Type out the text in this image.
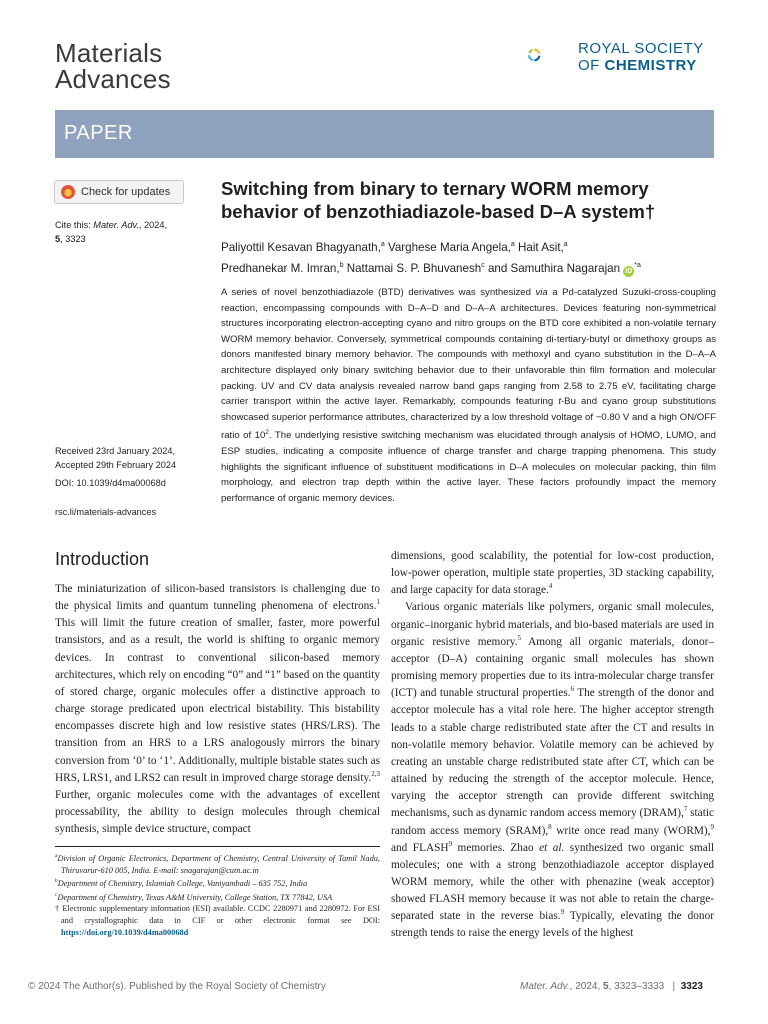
Materials
Advances
ROYAL SOCIETY
OF CHEMISTRY
PAPER
Check for updates
Cite this: Mater. Adv., 2024,
5, 3323
Received 23rd January 2024,
Accepted 29th February 2024
DOI: 10.1039/d4ma00068d
rsc.li/materials-advances
Switching from binary to ternary WORM memory
behavior of benzothiadiazole-based D–A system†
Paliyottil Kesavan Bhagyanath,$^a$ Varghese Maria Angela,$^a$ Hait Asit,$^a$
Predhanekar M. Imran,$^b$ Nattamai S. P. Bhuvanesh$^c$ and Samuthira Nagarajan $iD^{*a}$
A series of novel benzothiadiazole (BTD) derivatives was synthesized via a Pd-catalyzed Suzuki-cross-coupling reaction, encompassing compounds with D–A–D and D–A–A architectures. Devices featuring non-symmetrical structures incorporating electron-accepting cyano and nitro groups on the BTD core exhibited a non-volatile ternary WORM memory behavior. Conversely, symmetrical compounds containing di-tertiary-butyl or dimethoxy groups as donors manifested binary memory behavior. The compounds with methoxyl and cyano substitution in the D–A–A architecture displayed only binary switching behavior due to their unfavorable thin film formation and molecular packing. UV and CV data analysis revealed narrow band gaps ranging from 2.58 to 2.75 eV, facilitating charge carrier transport within the active layer. Remarkably, compounds featuring t-Bu and cyano group substitutions showcased superior performance attributes, characterized by a low threshold voltage of −0.80 V and a high ON/OFF ratio of $10^2$. The underlying resistive switching mechanism was elucidated through analysis of HOMO, LUMO, and ESP studies, indicating a composite influence of charge transfer and charge trapping phenomena. This study highlights the significant influence of substituent modifications in D–A molecules on molecular packing, thin film morphology, and electron trap depth within the active layer. These factors profoundly impact the memory performance of organic memory devices.
Introduction

The miniaturization of silicon-based transistors is challenging due to the physical limits and quantum tunneling phenomena of electrons.$^1$ This will limit the future creation of smaller, faster, more powerful transistors, and as a result, the world is shifting to organic memory devices. In contrast to conventional silicon-based memory architectures, which rely on encoding “0” and “1” based on the quantity of stored charge, organic molecules offer a distinctive approach to charge storage predicated upon electrical bistability. This bistability encompasses discrete high and low resistive states (HRS/LRS). The transition from an HRS to a LRS analogously mirrors the binary conversion from ‘0’ to ‘1’. Additionally, multiple bistable states such as HRS, LRS1, and LRS2 can result in improved charge storage density.$^{2,3}$ Further, organic molecules come with the advantages of excellent processability, the ability to design molecules through chemical synthesis, simple device structure, compact

dimensions, good scalability, the potential for low-cost production, low-power operation, multiple state properties, 3D stacking capability, and large capacity for data storage.$^4$

Various organic materials like polymers, organic small molecules, organic–inorganic hybrid materials, and bio-based materials are used in organic resistive memory.$^5$ Among all organic materials, donor–acceptor (D–A) containing organic small molecules has shown promising memory properties due to its intra-molecular charge transfer (ICT) and tunable structural properties.$^6$ The strength of the donor and acceptor molecule has a vital role here. The higher acceptor strength leads to a stable charge redistributed state after the CT and results in non-volatile memory behavior. Volatile memory can be achieved by creating an unstable charge redistributed state after CT, which can be attained by reducing the strength of the acceptor molecule. Hence, varying the acceptor strength can provide different switching mechanisms, such as dynamic random access memory (DRAM),$^7$ static random access memory (SRAM),$^8$ write once read many (WORM),$^9$ and FLASH$^9$ memories. Zhao et al. synthesized two organic small molecules; one with a strong benzothiadiazole acceptor displayed WORM memory, while the other with phenazine (weak acceptor) showed FLASH memory because it was not able to retain the charge-separated state in the reverse bias.$^9$ Typically, elevating the donor strength tends to raise the energy levels of the highest

$^a$Division of Organic Electronics, Department of Chemistry, Central University of Tamil Nadu, Thiruvarur-610 005, India. E-mail: snagarajan@cutn.ac.in

$^b$Department of Chemistry, Islamiah College, Vaniyambadi – 635 752, India

$^c$Department of Chemistry, Texas A&M University, College Station, TX 77842, USA

† Electronic supplementary information (ESI) available. CCDC 2280971 and 2280972. For ESI and crystallographic data in CIF or other electronic format see DOI: https://doi.org/10.1039/d4ma00068d

© 2024 The Author(s). Published by the Royal Society of Chemistry	Mater. Adv., 2024, 5, 3323–3333 | 3323
